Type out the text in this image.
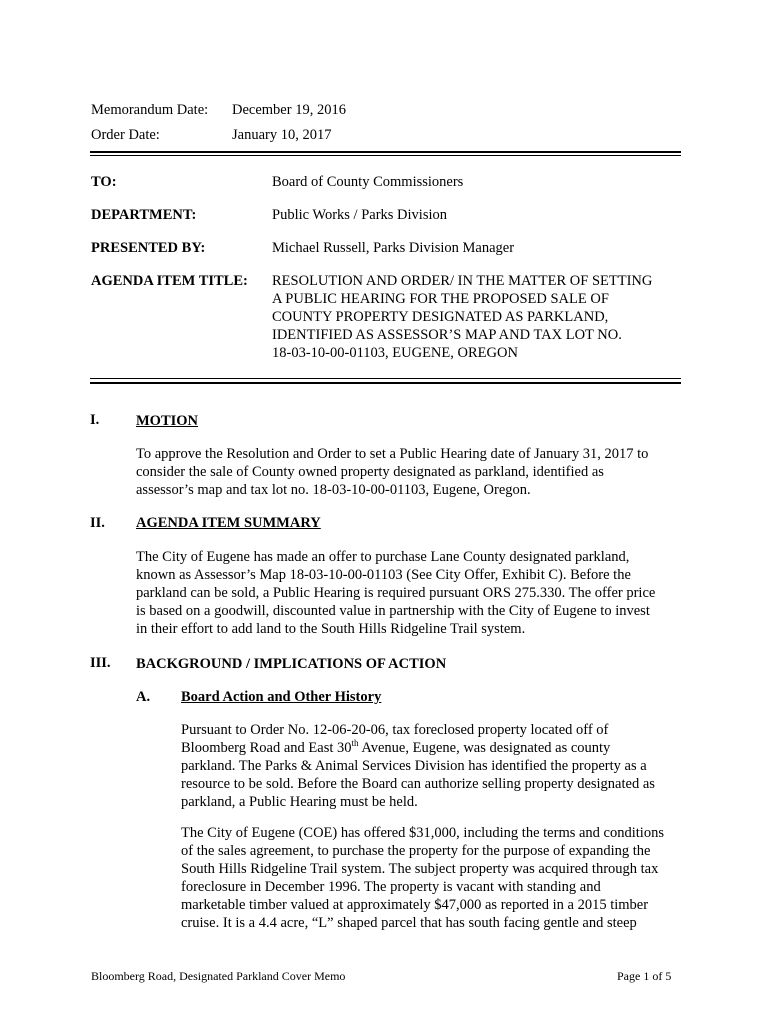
Memorandum Date: December 19, 2016
Order Date:	January 10, 2017
TO:	Board of County Commissioners
DEPARTMENT:	Public Works / Parks Division
PRESENTED BY:	Michael Russell, Parks Division Manager
AGENDA ITEM TITLE: RESOLUTION AND ORDER/ IN THE MATTER OF SETTING
A PUBLIC HEARING FOR THE PROPOSED SALE OF
COUNTY PROPERTY DESIGNATED AS PARKLAND,
IDENTIFIED AS ASSESSOR’S MAP AND TAX LOT NO.
18-03-10-00-01103, EUGENE, OREGON
I.	MOTION
To approve the Resolution and Order to set a Public Hearing date of January 31, 2017 to
consider the sale of County owned property designated as parkland, identified as
assessor’s map and tax lot no. 18-03-10-00-01103, Eugene, Oregon.
II. AGENDA ITEM SUMMARY
The City of Eugene has made an offer to purchase Lane County designated parkland,
known as Assessor’s Map 18-03-10-00-01103 (See City Offer, Exhibit C). Before the
parkland can be sold, a Public Hearing is required pursuant ORS 275.330. The offer price
is based on a goodwill, discounted value in partnership with the City of Eugene to invest
in their effort to add land to the South Hills Ridgeline Trail system.
III. BACKGROUND / IMPLICATIONS OF ACTION
A. Board Action and Other History
Pursuant to Order No. 12-06-20-06, tax foreclosed property located off of
Bloomberg Road and East 30th Avenue, Eugene, was designated as county
parkland. The Parks & Animal Services Division has identified the property as a
resource to be sold. Before the Board can authorize selling property designated as
parkland, a Public Hearing must be held.
The City of Eugene (COE) has offered $31,000, including the terms and conditions
of the sales agreement, to purchase the property for the purpose of expanding the
South Hills Ridgeline Trail system. The subject property was acquired through tax
foreclosure in December 1996. The property is vacant with standing and
marketable timber valued at approximately $47,000 as reported in a 2015 timber
cruise. It is a 4.4 acre, “L” shaped parcel that has south facing gentle and steep
Bloomberg Road, Designated Parkland Cover Memo	Page 1 of 5
